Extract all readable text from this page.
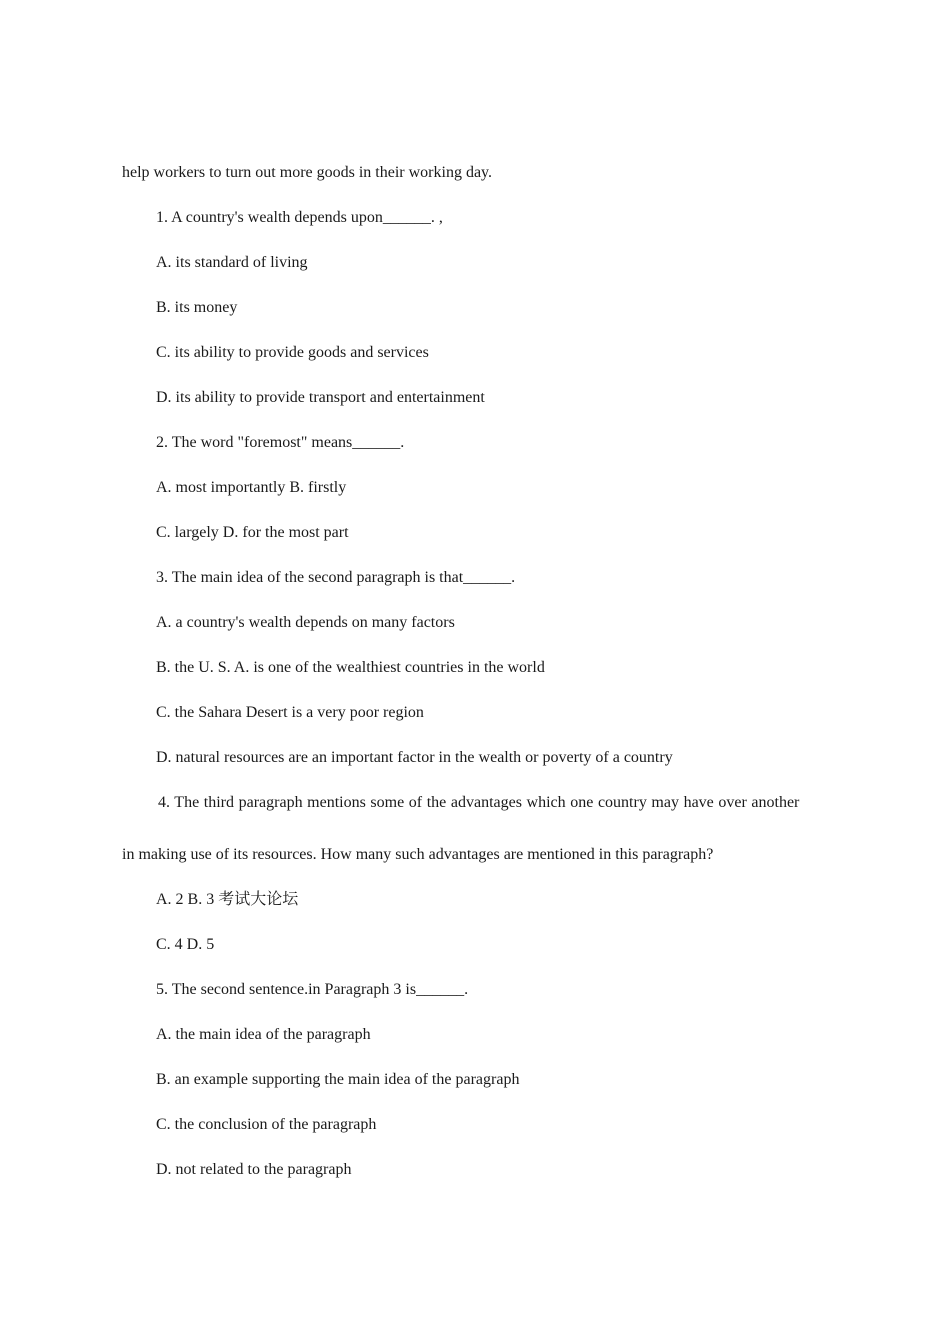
help workers to turn out more goods in their working day.
1. A country's wealth depends upon______. ,
A. its standard of living
B. its money
C. its ability to provide goods and services
D. its ability to provide transport and entertainment
2. The word "foremost" means______.
A. most importantly B. firstly
C. largely D. for the most part
3. The main idea of the second paragraph is that______.
A. a country's wealth depends on many factors
B. the U. S. A. is one of the wealthiest countries in the world
C. the Sahara Desert is a very poor region
D. natural resources are an important factor in the wealth or poverty of a country
4. The third paragraph mentions some of the advantages which one country may have over another
in making use of its resources. How many such advantages are mentioned in this paragraph?
A. 2 B. 3 考试大论坛
C. 4 D. 5
5. The second sentence.in Paragraph 3 is______.
A. the main idea of the paragraph
B. an example supporting the main idea of the paragraph
C. the conclusion of the paragraph
D. not related to the paragraph
